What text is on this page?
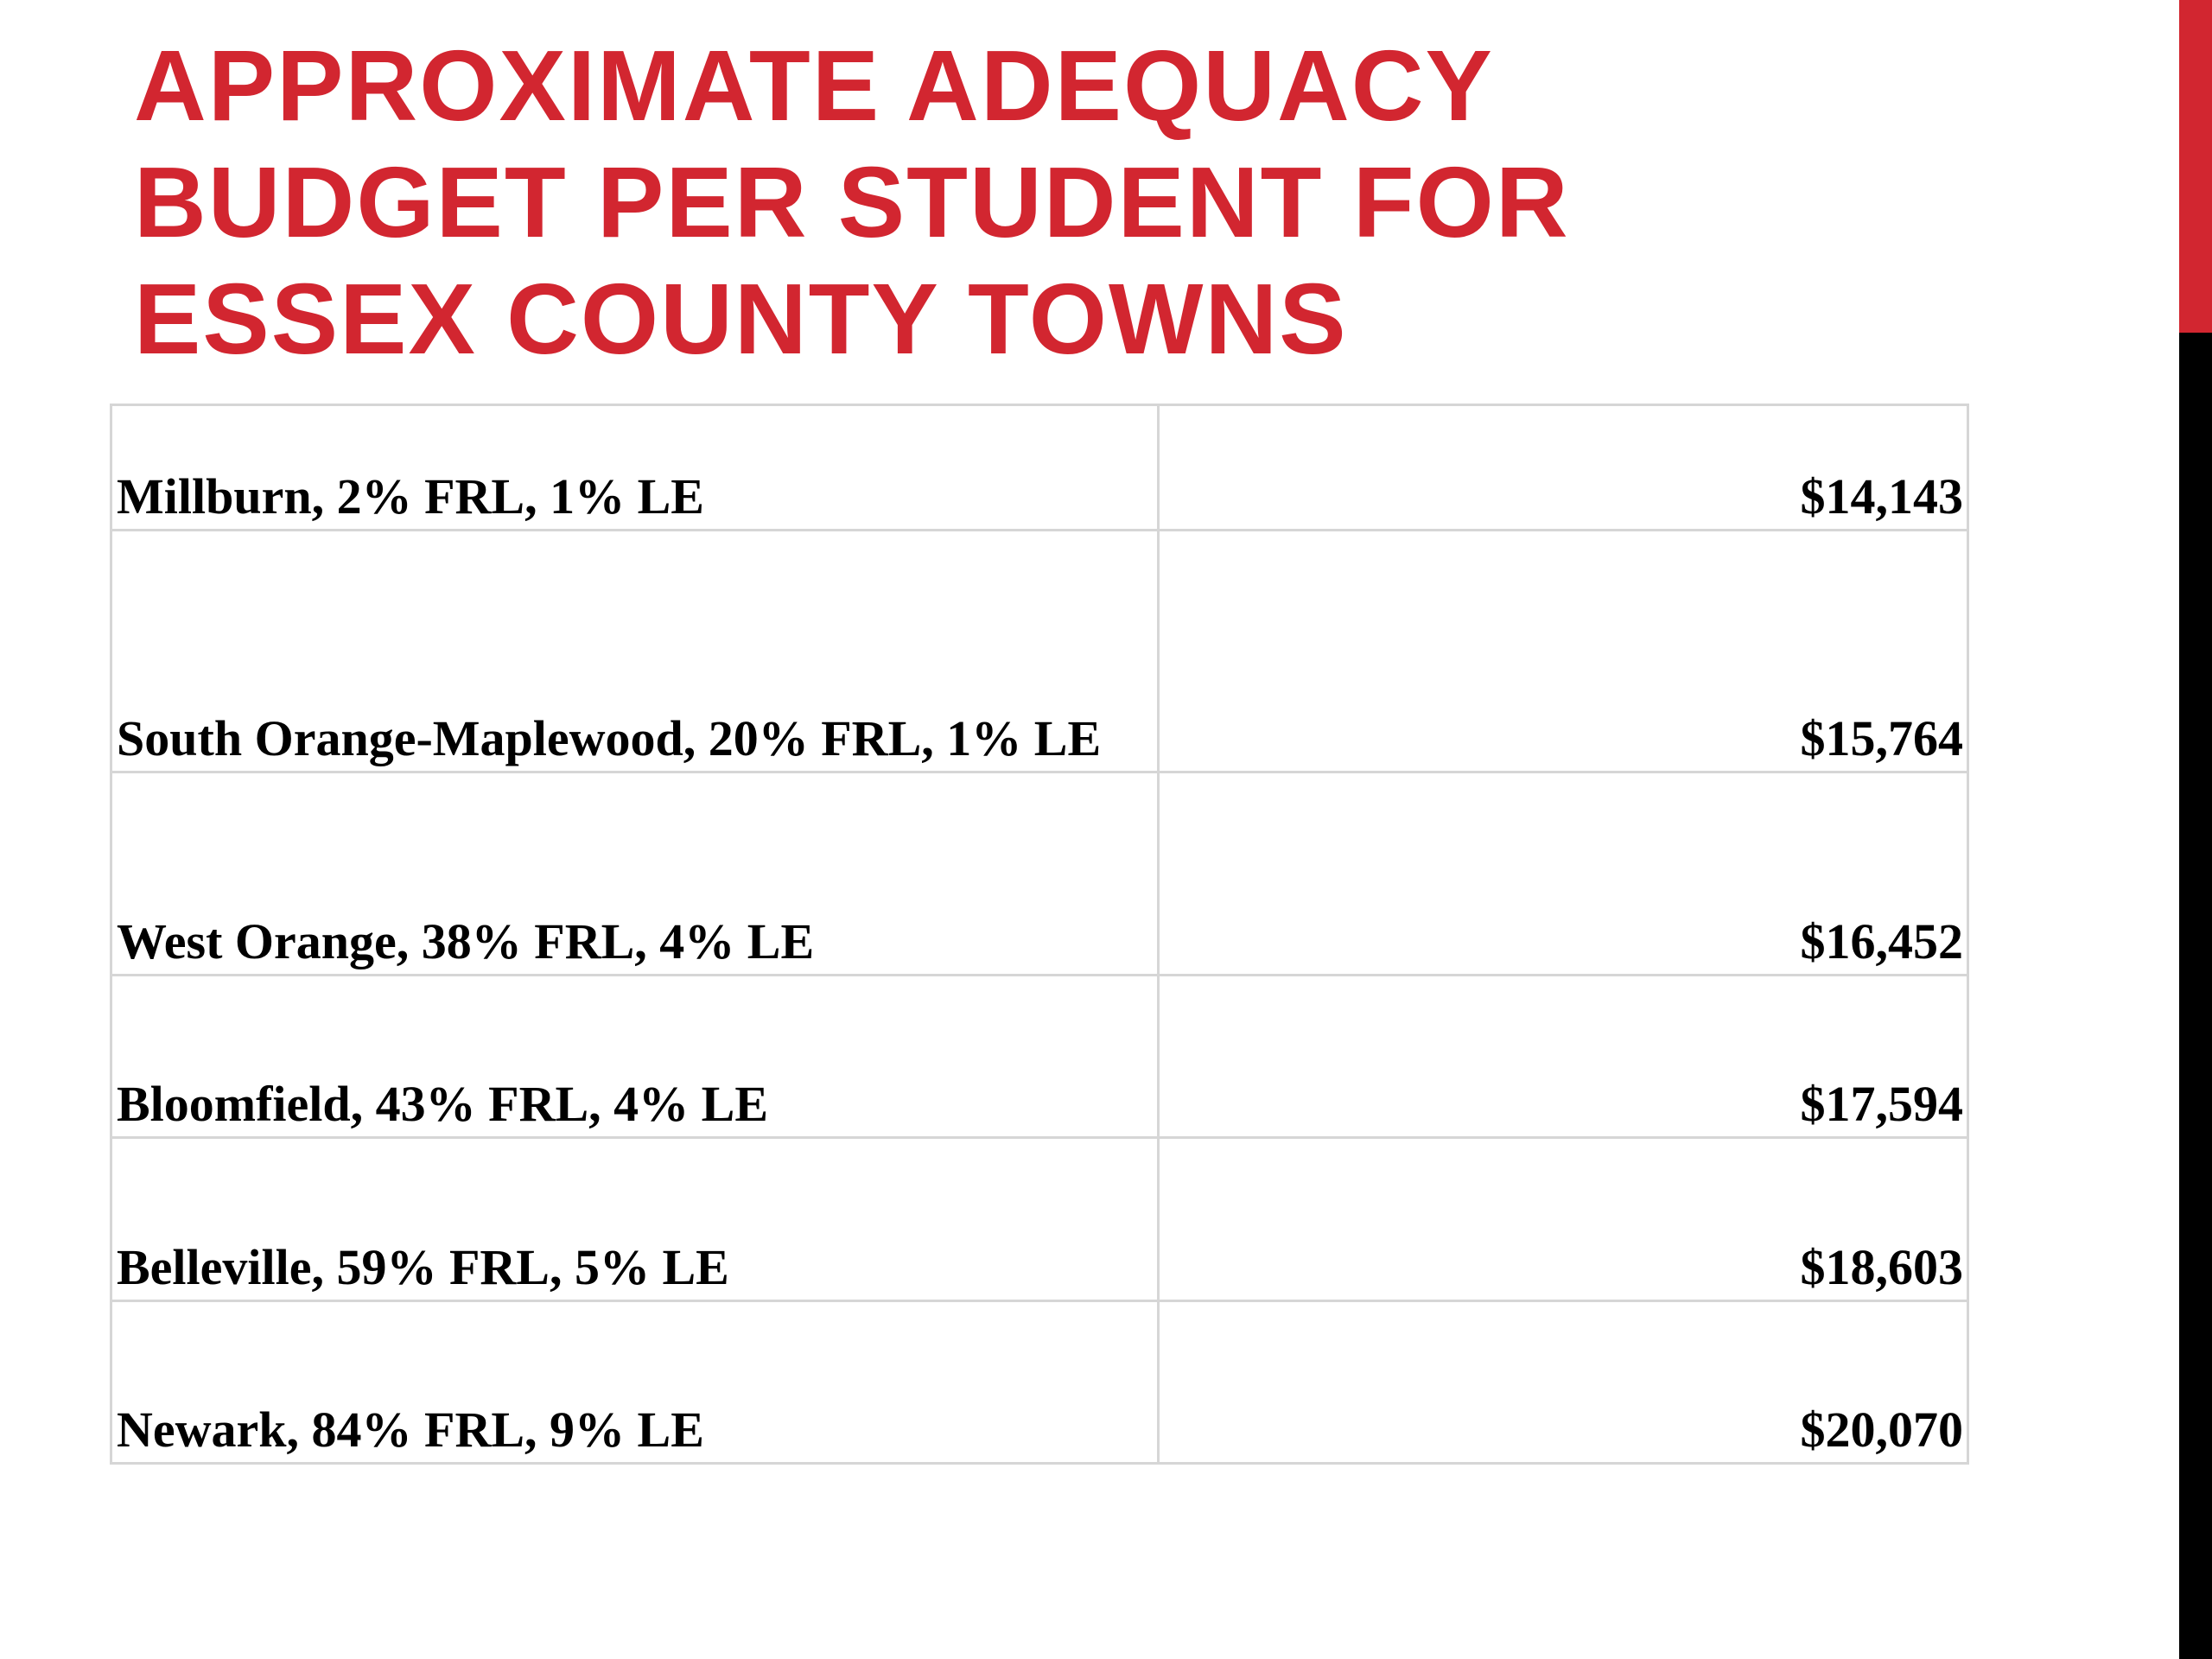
APPROXIMATE ADEQUACY
BUDGET PER STUDENT FOR
ESSEX COUNTY TOWNS
Millburn, 2% FRL, 1% LE	$14,143
South Orange-Maplewood, 20% FRL, 1% LE	$15,764
West Orange, 38% FRL, 4% LE	$16,452
Bloomfield, 43% FRL, 4% LE	$17,594
Belleville, 59% FRL, 5% LE	$18,603
Newark, 84% FRL, 9% LE	$20,070
